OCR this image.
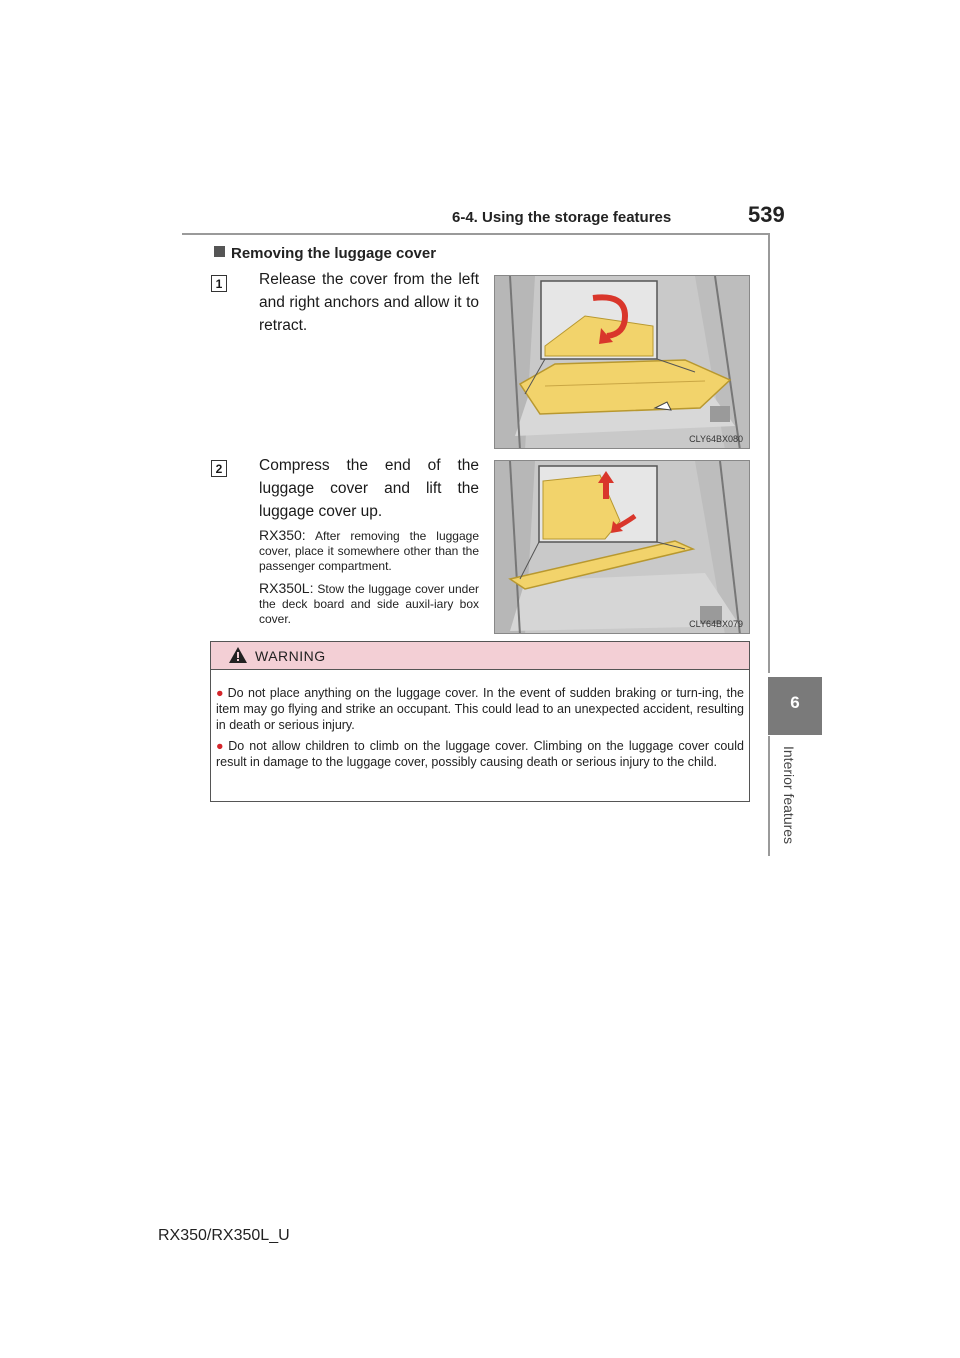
6-4. Using the storage features	539
6
Interior features
Removing the luggage cover
1	Release the cover from the left and right anchors and allow it to retract.
CLY64BX080
2	Compress the end of the luggage cover and lift the luggage cover up.
RX350: After removing the luggage cover, place it somewhere other than the passenger compartment.
RX350L: Stow the luggage cover under the deck board and side auxil-iary box cover.	CLY64BX079
WARNING
● Do not place anything on the luggage cover. In the event of sudden braking or turn-ing, the item may go flying and strike an occupant. This could lead to an unexpected accident, resulting in death or serious injury.
● Do not allow children to climb on the luggage cover. Climbing on the luggage cover could result in damage to the luggage cover, possibly causing death or serious injury to the child.
RX350/RX350L_U
